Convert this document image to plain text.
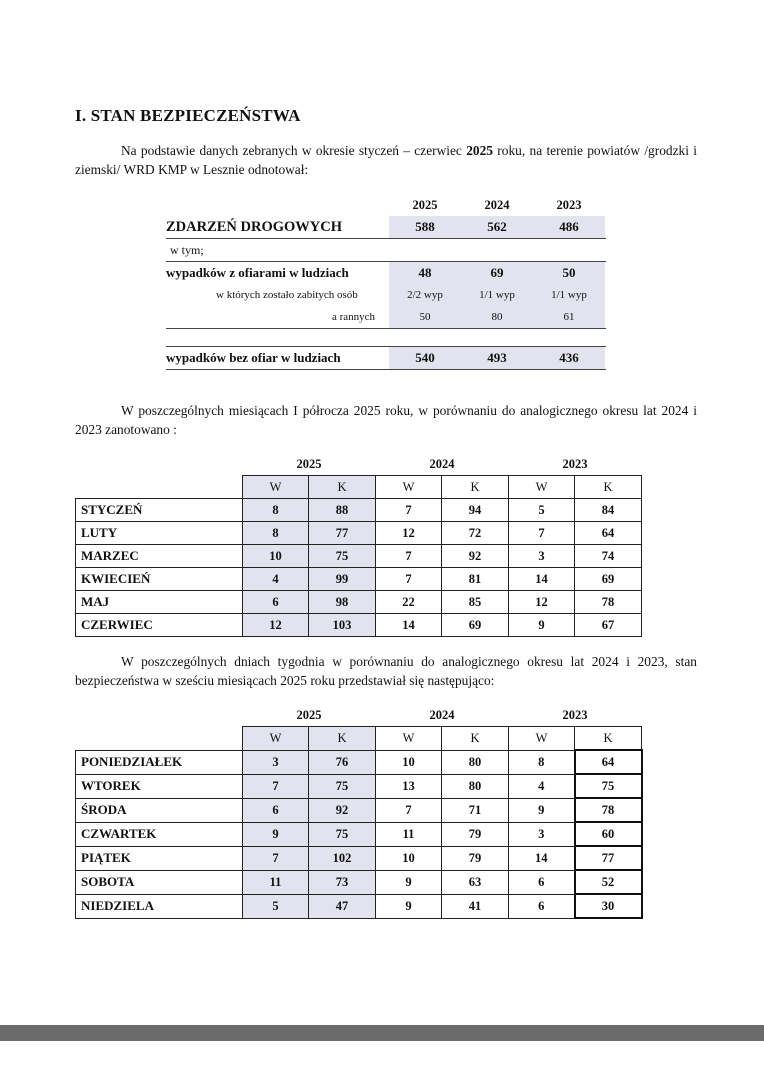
I. STAN BEZPIECZEŃSTWA
Na podstawie danych zebranych w okresie styczeń – czerwiec 2025 roku, na terenie powiatów /grodzki i ziemski/ WRD KMP w Lesznie odnotował:
2025	2024	2023
ZDARZEŃ DROGOWYCH	588	562	486
w tym;
wypadków z ofiarami w ludziach	48	69	50
w których zostało zabitych osób	2/2 wyp	1/1 wyp	1/1 wyp
a rannych	50	80	61
wypadków bez ofiar w ludziach	540	493	436
W poszczególnych miesiącach I półrocza 2025 roku, w porównaniu do analogicznego okresu lat 2024 i 2023 zanotowano :
	2025		2024		2023	
	W	K	W	K	W	K
STYCZEŃ	8	88	7	94	5	84
LUTY	8	77	12	72	7	64
MARZEC	10	75	7	92	3	74
KWIECIEŃ	4	99	7	81	14	69
MAJ	6	98	22	85	12	78
CZERWIEC	12	103	14	69	9	67
W poszczególnych dniach tygodnia w porównaniu do analogicznego okresu lat 2024 i 2023, stan bezpieczeństwa w sześciu miesiącach 2025 roku przedstawiał się następująco:
	2025		2024		2023	
	W	K	W	K	W	K
PONIEDZIAŁEK	3	76	10	80	8	64
WTOREK	7	75	13	80	4	75
ŚRODA	6	92	7	71	9	78
CZWARTEK	9	75	11	79	3	60
PIĄTEK	7	102	10	79	14	77
SOBOTA	11	73	9	63	6	52
NIEDZIELA	5	47	9	41	6	30
